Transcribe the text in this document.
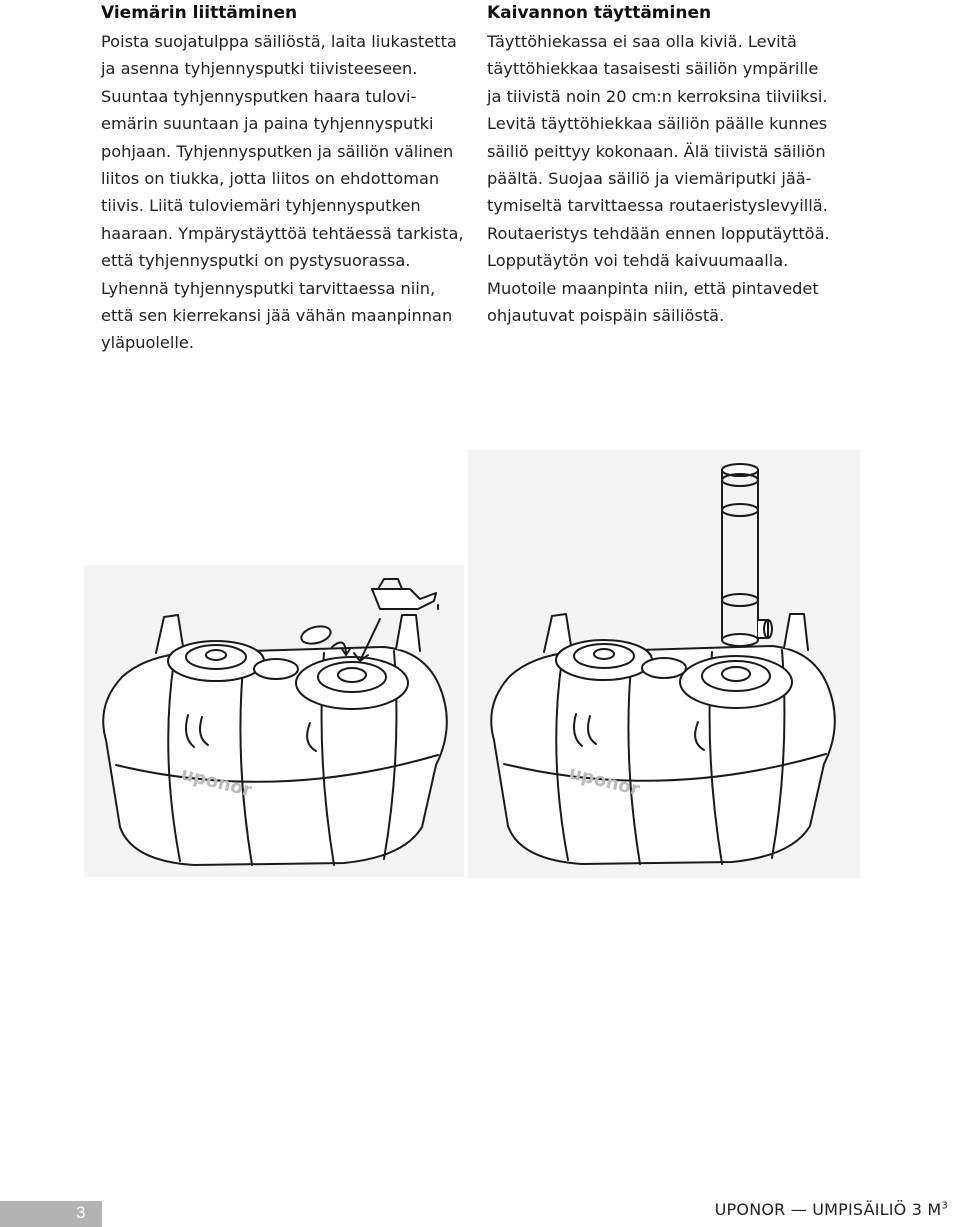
Viemärin liittäminen

Poista suojatulppa säiliöstä, laita liukastetta
ja asenna tyhjennysputki tiivisteeseen.
Suuntaa tyhjennysputken haara tulovi-
emärin suuntaan ja paina tyhjennysputki
pohjaan. Tyhjennysputken ja säiliön välinen
liitos on tiukka, jotta liitos on ehdottoman
tiivis. Liitä tuloviemäri tyhjennysputken
haaraan. Ympärystäyttöä tehtäessä tarkista,
että tyhjennysputki on pystysuorassa.
Lyhennä tyhjennysputki tarvittaessa niin,
että sen kierrekansi jää vähän maanpinnan
yläpuolelle.

Kaivannon täyttäminen

Täyttöhiekassa ei saa olla kiviä. Levitä
täyttöhiekkaa tasaisesti säiliön ympärille
ja tiivistä noin 20 cm:n kerroksina tiiviiksi.
Levitä täyttöhiekkaa säiliön päälle kunnes
säiliö peittyy kokonaan. Älä tiivistä säiliön
päältä. Suojaa säiliö ja viemäriputki jää-
tymiseltä tarvittaessa routaeristyslevyillä.
Routaeristys tehdään ennen lopputäyttöä.
Lopputäytön voi tehdä kaivuumaalla.
Muotoile maanpinta niin, että pintavedet
ohjautuvat poispäin säiliöstä.

uponor	uponor
3	UPONOR — UMPISÄILIÖ 3 $M^3$
